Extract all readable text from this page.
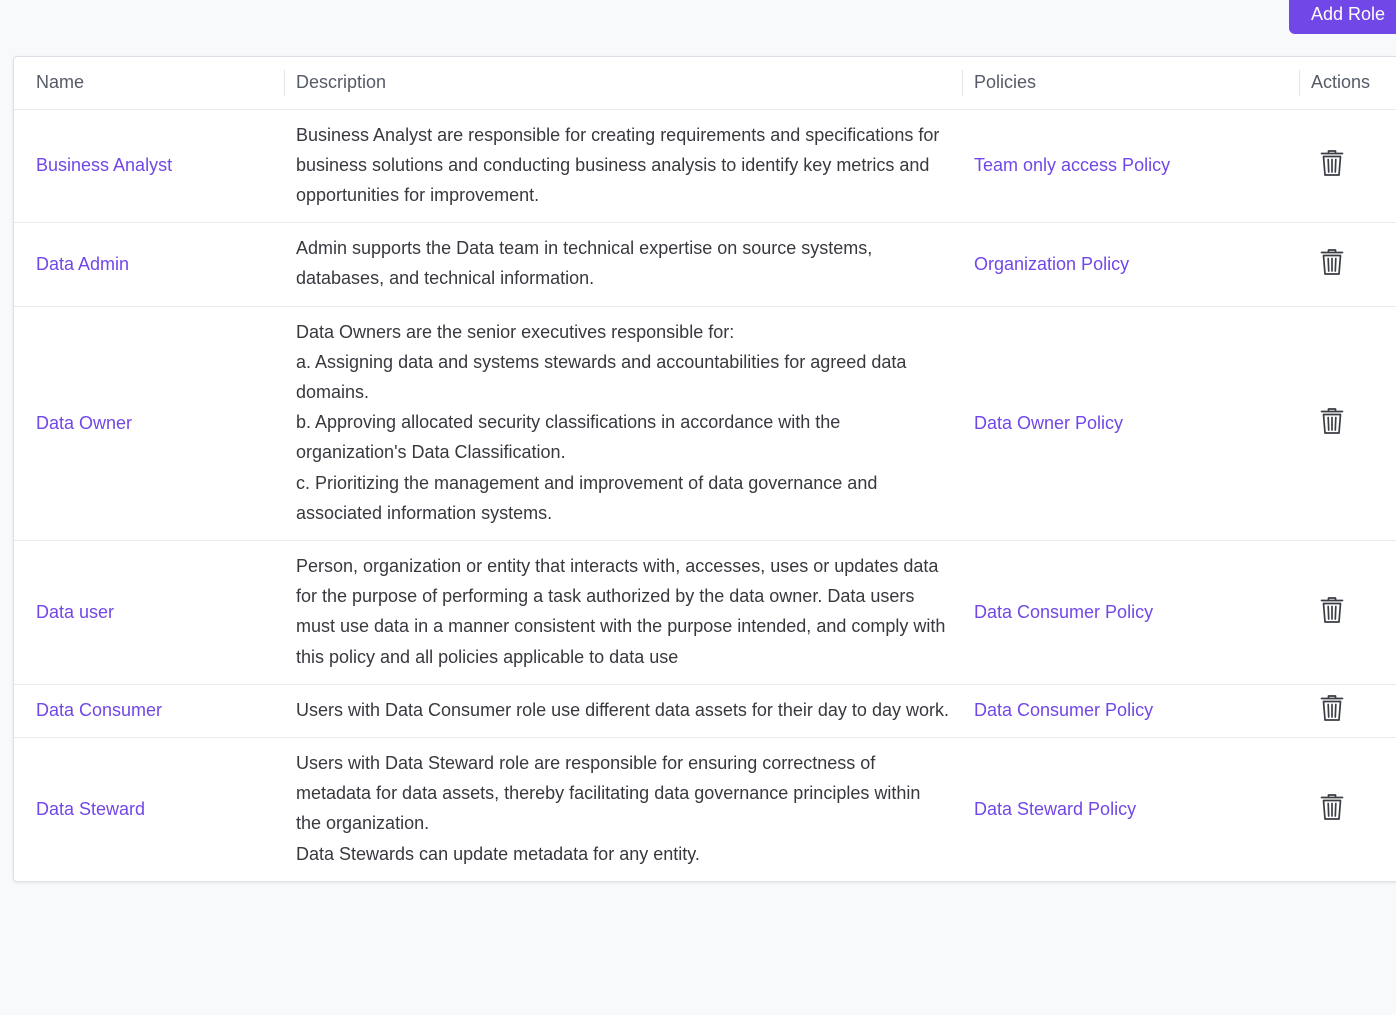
Add Role
Name	Description	Policies	Actions
Business Analyst	Business Analyst are responsible for creating requirements and specifications for business solutions and conducting business analysis to identify key metrics and opportunities for improvement.	Team only access Policy	
Data Admin	Admin supports the Data team in technical expertise on source systems, databases, and technical information.	Organization Policy	
Data Owner	Data Owners are the senior executives responsible for:
a. Assigning data and systems stewards and accountabilities for agreed data domains.
b. Approving allocated security classifications in accordance with the organization's Data Classification.
c. Prioritizing the management and improvement of data governance and associated information systems.	Data Owner Policy	
Data user	Person, organization or entity that interacts with, accesses, uses or updates data for the purpose of performing a task authorized by the data owner. Data users must use data in a manner consistent with the purpose intended, and comply with this policy and all policies applicable to data use	Data Consumer Policy	
Data Consumer	Users with Data Consumer role use different data assets for their day to day work.	Data Consumer Policy	
Data Steward	Users with Data Steward role are responsible for ensuring correctness of metadata for data assets, thereby facilitating data governance principles within the organization.
Data Stewards can update metadata for any entity.	Data Steward Policy	
